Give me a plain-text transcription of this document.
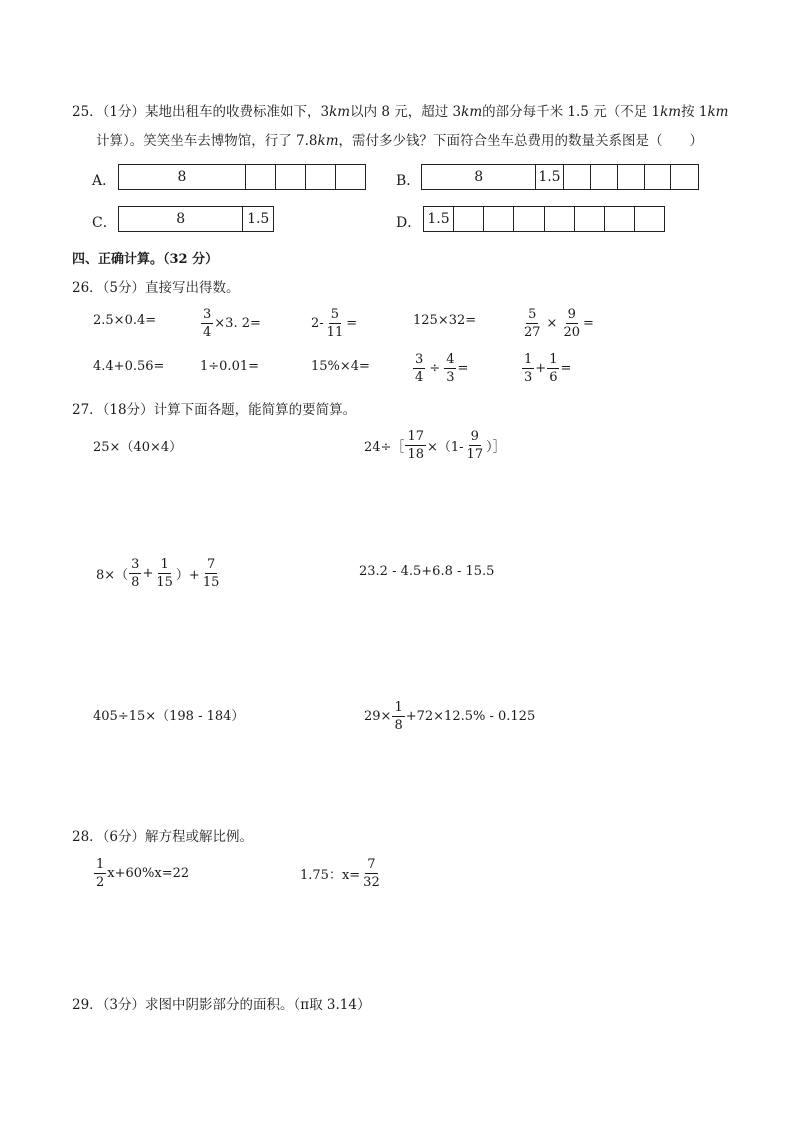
25．（1分）某地出租车的收费标准如下，3km以内 8 元，超过 3km的部分每千米 1.5 元（不足 1km按 1km
计算）。笑笑坐车去博物馆，行了 7.8km，需付多少钱？下面符合坐车总费用的数量关系图是（　　）
A．	8	B．	8	1.5
C．	8	1.5	D． 1.5
四、正确计算。（32 分）
26．（5分）直接写出得数。
2.5×0.4=	$\frac{3}{4} \times 3$. 2=	$2- \frac{5}{11}$ =	125×32=	$\frac{5}{27} \times \frac{9}{20}$ =
4.4+0.56=	1÷0.01=	15%×4=	$\frac{3}{4} \div \frac{4}{3}$ =	$\frac{1}{3} + \frac{1}{6}$ =
27．（18分）计算下面各题，能简算的要简算。
25×（40×4）	24÷［ $\frac{17}{18} \times(1- \frac{9}{17}$ ）］
$8\times( \frac{3}{8} + \frac{1}{15}$ ）+ $\frac{7}{15}$	23.2 - 4.5+6.8 - 15.5
405÷15×（198 - 184）	$29\times \frac{1}{8} +72\times 12.5\% - 0.125$
28．（6分）解方程或解比例。
$\frac{1}{2} x+60\%x=22$	1.75：$x= \frac{7}{32}$
29．（3分）求图中阴影部分的面积。（π取 3.14）
